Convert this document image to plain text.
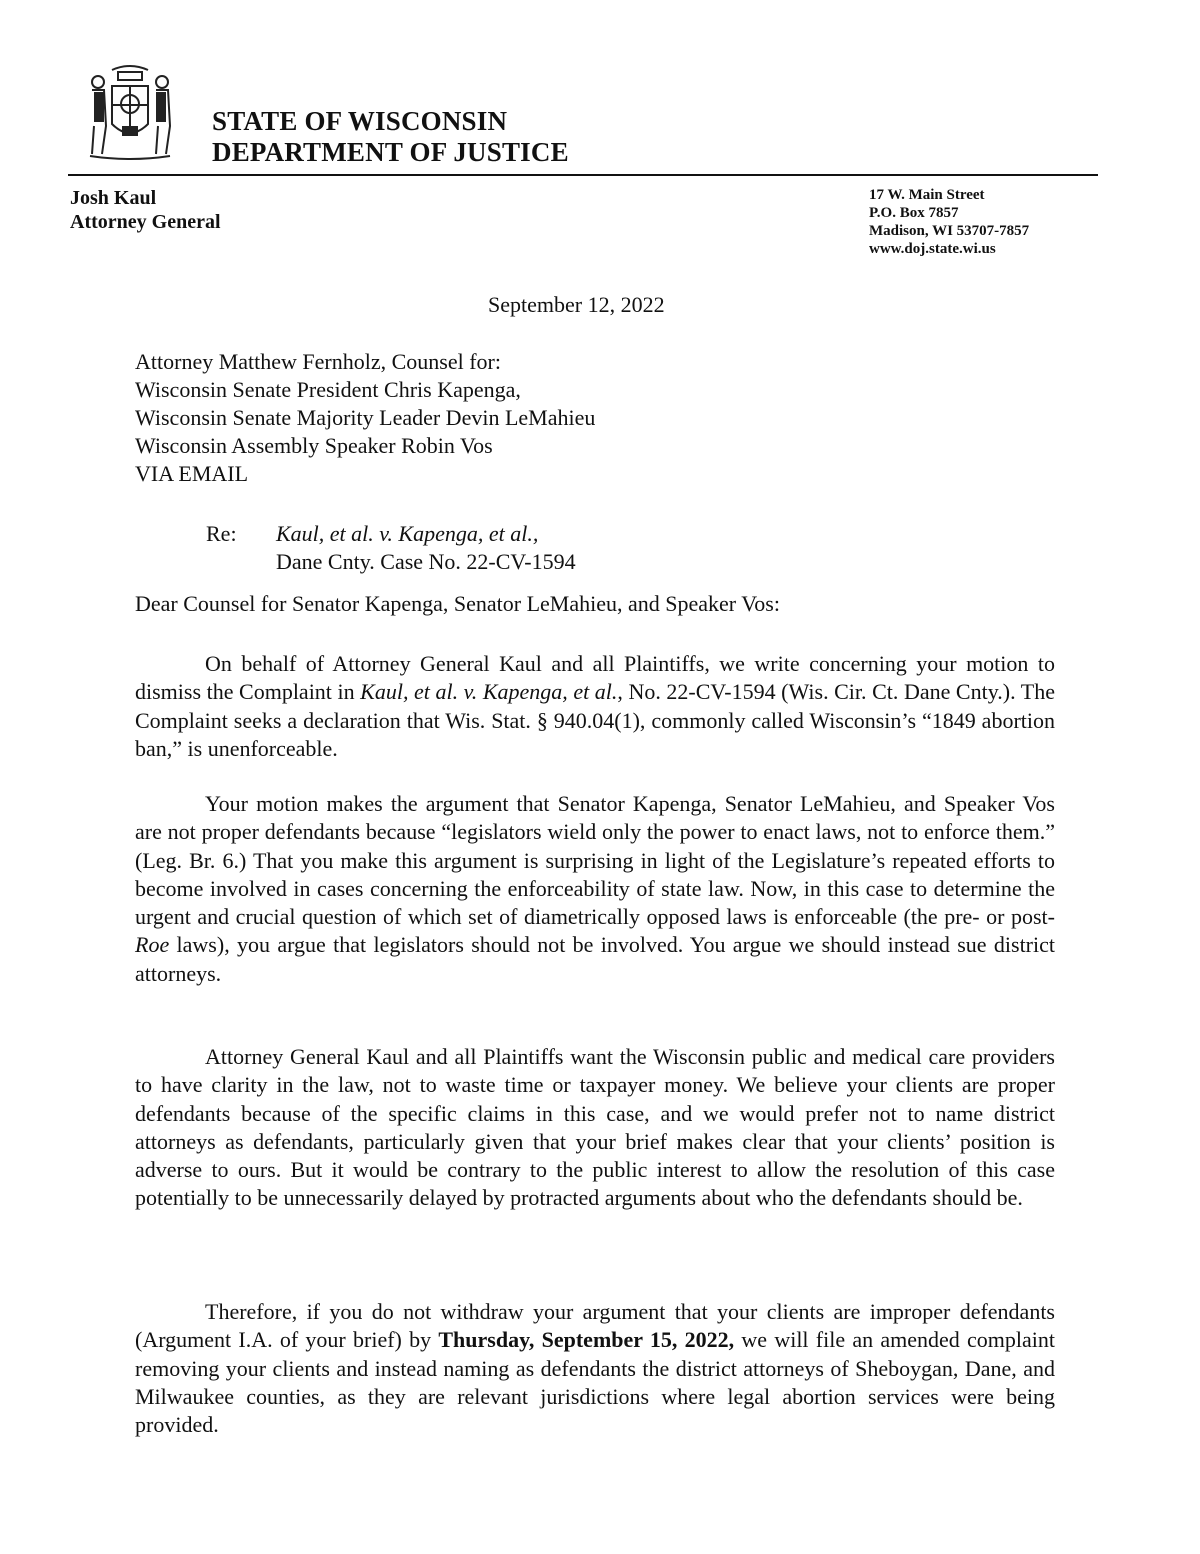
STATE OF WISCONSIN
DEPARTMENT OF JUSTICE
Josh Kaul
Attorney General
17 W. Main Street
P.O. Box 7857
Madison, WI 53707-7857
www.doj.state.wi.us
September 12, 2022
Attorney Matthew Fernholz, Counsel for:
Wisconsin Senate President Chris Kapenga,
Wisconsin Senate Majority Leader Devin LeMahieu
Wisconsin Assembly Speaker Robin Vos
VIA EMAIL
Re: Kaul, et al. v. Kapenga, et al.,
Dane Cnty. Case No. 22-CV-1594
Dear Counsel for Senator Kapenga, Senator LeMahieu, and Speaker Vos:

On behalf of Attorney General Kaul and all Plaintiffs, we write concerning your motion to dismiss the Complaint in Kaul, et al. v. Kapenga, et al., No. 22-CV-1594 (Wis. Cir. Ct. Dane Cnty.). The Complaint seeks a declaration that Wis. Stat. § 940.04(1), commonly called Wisconsin’s “1849 abortion ban,” is unenforceable.

Your motion makes the argument that Senator Kapenga, Senator LeMahieu, and Speaker Vos are not proper defendants because “legislators wield only the power to enact laws, not to enforce them.” (Leg. Br. 6.) That you make this argument is surprising in light of the Legislature’s repeated efforts to become involved in cases concerning the enforceability of state law. Now, in this case to determine the urgent and crucial question of which set of diametrically opposed laws is enforceable (the pre- or post-Roe laws), you argue that legislators should not be involved. You argue we should instead sue district attorneys.

Attorney General Kaul and all Plaintiffs want the Wisconsin public and medical care providers to have clarity in the law, not to waste time or taxpayer money. We believe your clients are proper defendants because of the specific claims in this case, and we would prefer not to name district attorneys as defendants, particularly given that your brief makes clear that your clients’ position is adverse to ours. But it would be contrary to the public interest to allow the resolution of this case potentially to be unnecessarily delayed by protracted arguments about who the defendants should be.

Therefore, if you do not withdraw your argument that your clients are improper defendants (Argument I.A. of your brief) by Thursday, September 15, 2022, we will file an amended complaint removing your clients and instead naming as defendants the district attorneys of Sheboygan, Dane, and Milwaukee counties, as they are relevant jurisdictions where legal abortion services were being provided.
